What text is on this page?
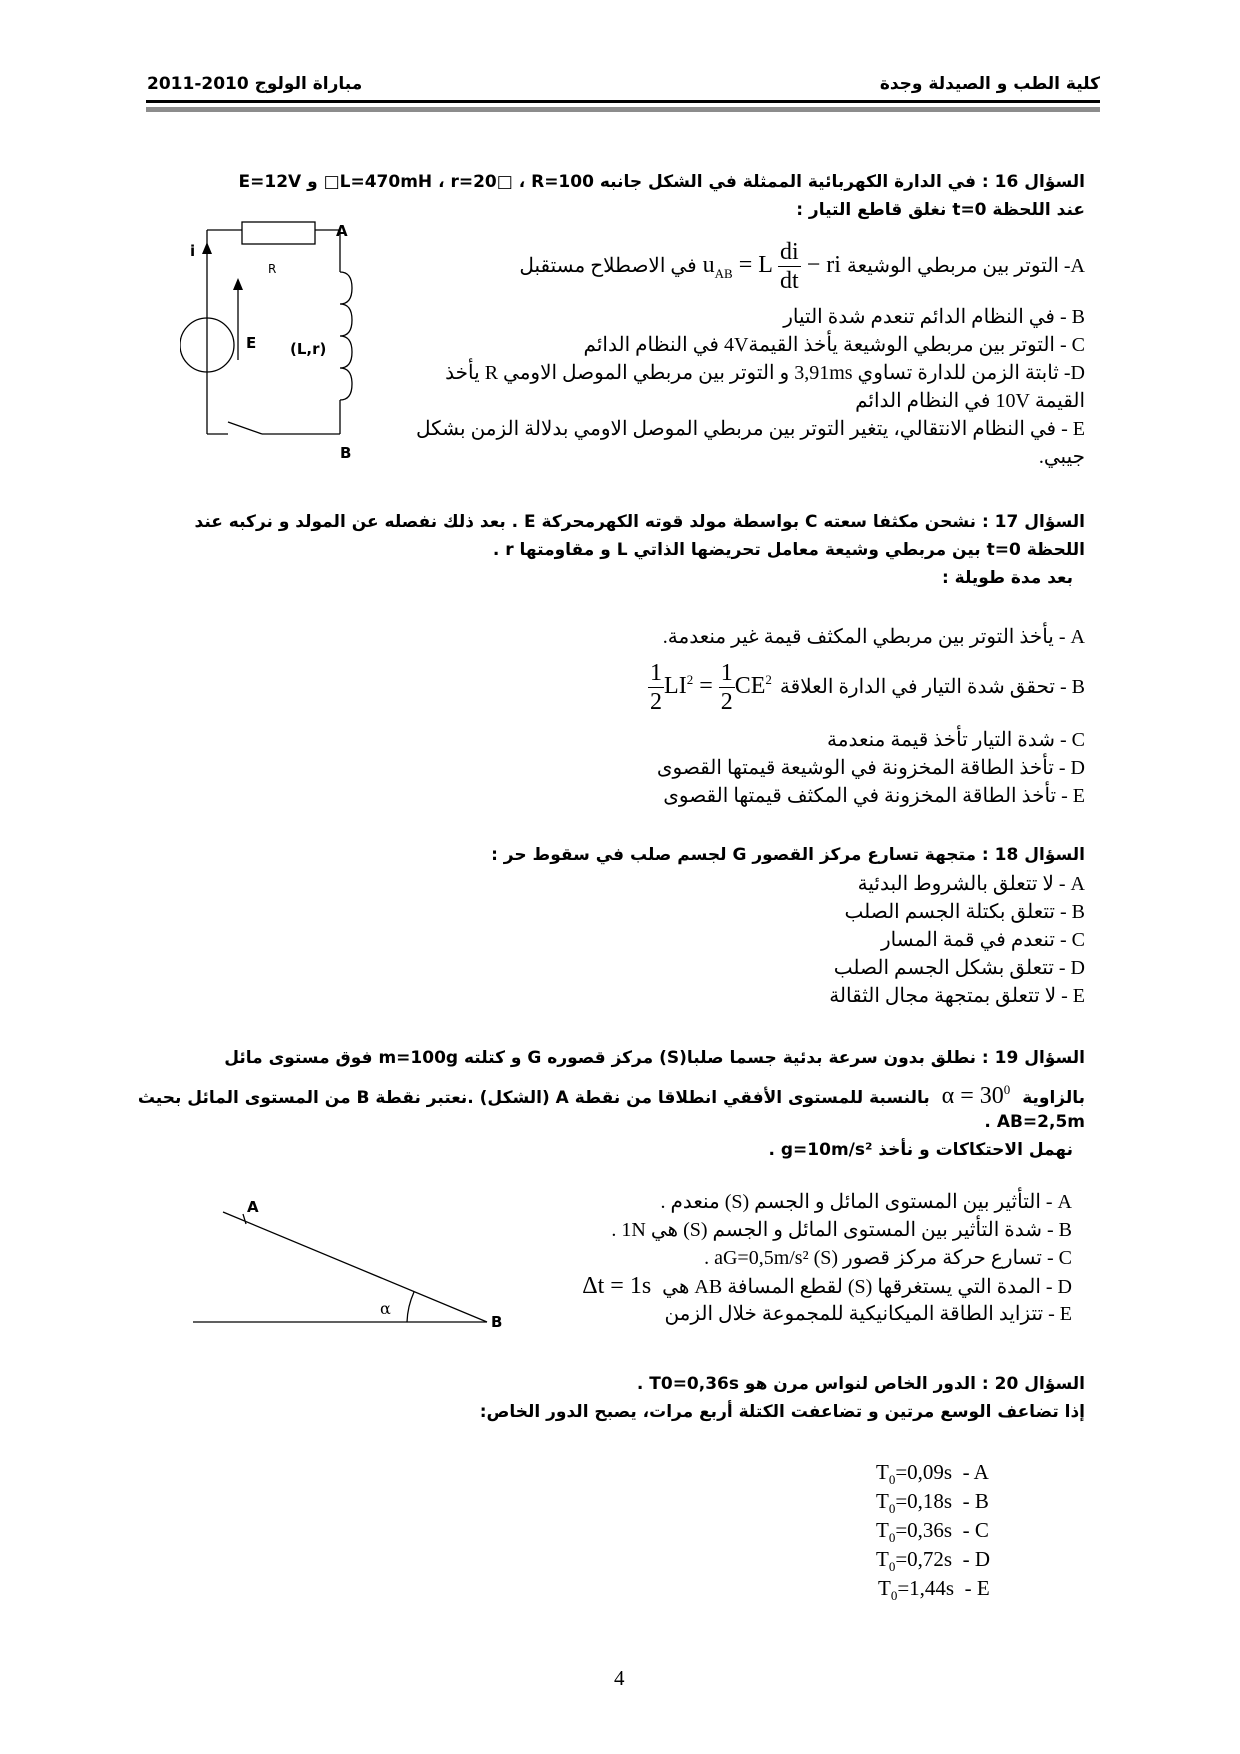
كلية الطب و الصيدلة وجدة
مباراة الولوج 2010-2011
السؤال 16 : في الدارة الكهربائية الممثلة في الشكل جانبه L=470mH ، r=20□ ، R=100□ و E=12V
عند اللحظة t=0 نغلق قاطع التيار :
A- التوتر بين مربطي الوشيعة
$u_{AB} = L \frac{di}{dt}$ − ri
في الاصطلاح مستقبل
B - في النظام الدائم تنعدم شدة التيار
C - التوتر بين مربطي الوشيعة يأخذ القيمة4V في النظام الدائم
D- ثابتة الزمن للدارة تساوي 3,91ms و التوتر بين مربطي الموصل الاومي R يأخذ
القيمة 10V في النظام الدائم
E - في النظام الانتقالي، يتغير التوتر بين مربطي الموصل الاومي بدلالة الزمن بشكل
جيبي.
B
i
A
R
E (L,r)
السؤال 17 : نشحن مكثفا سعته C بواسطة مولد قوته الكهرمحركة E . بعد ذلك نفصله عن المولد و نركبه عند
اللحظة t=0 بين مربطي وشيعة معامل تحريضها الذاتي L و مقاومتها r .
بعد مدة طويلة :
A - يأخذ التوتر بين مربطي المكثف قيمة غير منعدمة.
B - تحقق شدة التيار في الدارة العلاقة
$\frac{1}{2} LI^2 = \frac{1}{2} CE^2$
C - شدة التيار تأخذ قيمة منعدمة
D - تأخذ الطاقة المخزونة في الوشيعة قيمتها القصوى
E - تأخذ الطاقة المخزونة في المكثف قيمتها القصوى
السؤال 18 : متجهة تسارع مركز القصور G لجسم صلب في سقوط حر :
A - لا تتعلق بالشروط البدئية
B - تتعلق بكتلة الجسم الصلب
C - تنعدم في قمة المسار
D - تتعلق بشكل الجسم الصلب
E - لا تتعلق بمتجهة مجال الثقالة
السؤال 19 : نطلق بدون سرعة بدئية جسما صلبا(S) مركز قصوره G و كتلته m=100g فوق مستوى مائل
بالزاوية $\alpha = 30^0$ بالنسبة للمستوى الأفقي انطلاقا من نقطة A (الشكل) .نعتبر نقطة B من المستوى المائل بحيث
AB=2,5m .
نهمل الاحتكاكات و نأخذ g=10m/s² .
A - التأثير بين المستوى المائل و الجسم (S) منعدم .
B - شدة التأثير بين المستوى المائل و الجسم (S) هي 1N .
C - تسارع حركة مركز قصور (S) aG=0,5m/s² .
D - المدة التي يستغرقها (S) لقطع المسافة AB هي Δt = 1s
E - تتزايد الطاقة الميكانيكية للمجموعة خلال الزمن
A
B
α
السؤال 20 : الدور الخاص لنواس مرن هو T0=0,36s .
إذا تضاعف الوسع مرتين و تضاعفت الكتلة أربع مرات، يصبح الدور الخاص:
$T_0=0,09s - A$
$T_0=0,18s - B$
$T_0=0,36s - C$
$T_0=0,72s - D$
$T_0=1,44s - E$
4
